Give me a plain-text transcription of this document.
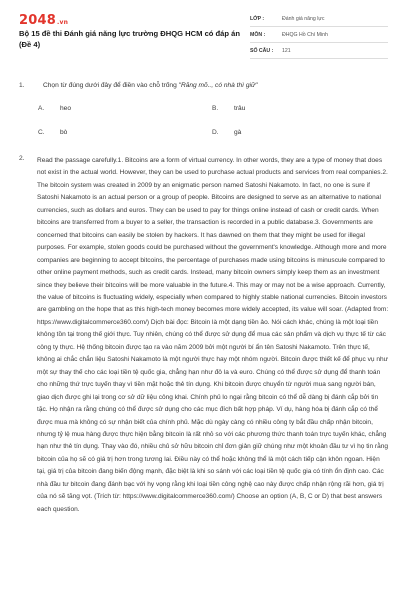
2048.vn
Bộ 15 đề thi Đánh giá năng lực trường ĐHQG HCM có đáp án (Đề 4)
LỚP :	Đánh giá năng lực
MÔN :	ĐHQG Hồ Chí Minh
SỐ CÂU :	121
1.	Chọn từ đúng dưới đây để điền vào chỗ trống "Răng mõ.., có nhà thì giữ"
A.	heo	B.	trâu
C.	bò	D.	gà
2. Read the passage carefully.1. Bitcoins are a form of virtual currency. In other words, they are a type of money that does not exist in the actual world. However, they can be used to purchase actual products and services from real companies.2. The bitcoin system was created in 2009 by an enigmatic person named Satoshi Nakamoto. In fact, no one is sure if Satoshi Nakamoto is an actual person or a group of people. Bitcoins are designed to serve as an alternative to national currencies, such as dollars and euros. They can be used to pay for things online instead of cash or credit cards. When bitcoins are transferred from a buyer to a seller, the transaction is recorded in a public database.3. Governments are concerned that bitcoins can easily be stolen by hackers. It has dawned on them that they might be used for illegal purposes. For example, stolen goods could be purchased without the government's knowledge. Although more and more companies are beginning to accept bitcoins, the percentage of purchases made using bitcoins is minuscule compared to other online payment methods, such as credit cards. Instead, many bitcoin owners simply keep them as an investment since they believe their bitcoins will be more valuable in the future.4. This may or may not be a wise approach. Currently, the value of bitcoins is fluctuating widely, especially when compared to highly stable national currencies. Bitcoin investors are gambling on the hope that as this high-tech money becomes more widely accepted, its value will soar. (Adapted from: https://www.digitalcommerce360.com/) Dịch bài đọc: Bitcoin là một dạng tiền ảo. Nói cách khác, chúng là một loại tiền không tồn tại trong thế giới thực. Tuy nhiên, chúng có thể được sử dụng để mua các sản phẩm và dịch vụ thực tế từ các công ty thực. Hệ thống bitcoin được tạo ra vào năm 2009 bởi một người bí ẩn tên Satoshi Nakamoto. Trên thực tế, không ai chắc chắn liệu Satoshi Nakamoto là một người thực hay một nhóm người. Bitcoin được thiết kế để phục vụ như một sự thay thế cho các loại tiền tệ quốc gia, chẳng hạn như đô la và euro. Chúng có thể được sử dụng để thanh toán cho những thứ trực tuyến thay vì tiền mặt hoặc thẻ tín dụng. Khi bitcoin được chuyển từ người mua sang người bán, giao dịch được ghi lại trong cơ sở dữ liệu công khai. Chính phủ lo ngại rằng bitcoin có thể dễ dàng bị đánh cắp bởi tin tặc. Họ nhận ra rằng chúng có thể được sử dụng cho các mục đích bất hợp pháp. Ví dụ, hàng hóa bị đánh cắp có thể được mua mà không có sự nhận biết của chính phủ. Mặc dù ngày càng có nhiều công ty bắt đầu chấp nhận bitcoin, nhưng tỷ lệ mua hàng được thực hiện bằng bitcoin là rất nhỏ so với các phương thức thanh toán trực tuyến khác, chẳng hạn như thẻ tín dụng. Thay vào đó, nhiều chủ sở hữu bitcoin chỉ đơn giản giữ chúng như một khoản đầu tư vì họ tin rằng bitcoin của họ sẽ có giá trị hơn trong tương lai. Điều này có thể hoặc không thể là một cách tiếp cận khôn ngoan. Hiện tại, giá trị của bitcoin đang biến động mạnh, đặc biệt là khi so sánh với các loại tiền tệ quốc gia có tính ổn định cao. Các nhà đầu tư bitcoin đang đánh bạc với hy vọng rằng khi loại tiền công nghệ cao này được chấp nhận rộng rãi hơn, giá trị của nó sẽ tăng vọt. (Trích từ: https://www.digitalcommerce360.com/) Choose an option (A, B, C or D) that best answers each question.
